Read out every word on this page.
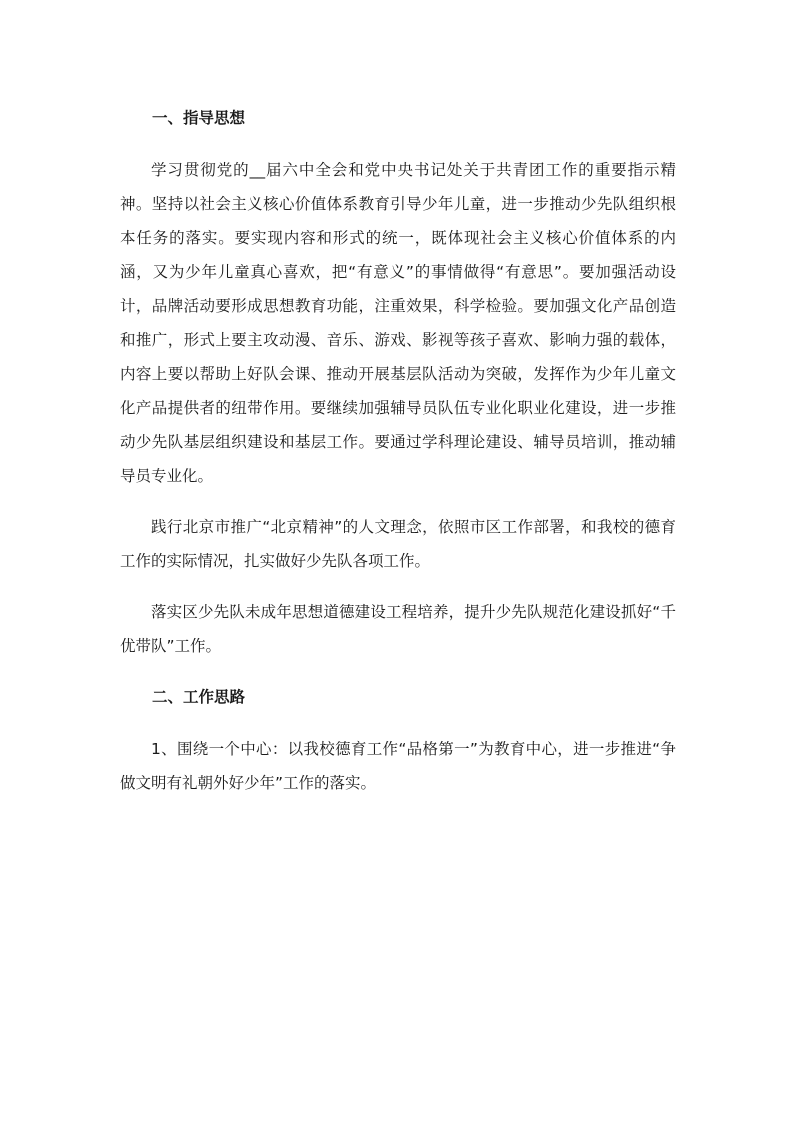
一、指导思想

学习贯彻党的__届六中全会和党中央书记处关于共青团工作的重要指示精神。坚持以社会主义核心价值体系教育引导少年儿童，进一步推动少先队组织根本任务的落实。要实现内容和形式的统一，既体现社会主义核心价值体系的内涵，又为少年儿童真心喜欢，把“有意义”的事情做得“有意思”。要加强活动设计，品牌活动要形成思想教育功能，注重效果，科学检验。要加强文化产品创造和推广，形式上要主攻动漫、音乐、游戏、影视等孩子喜欢、影响力强的载体，内容上要以帮助上好队会课、推动开展基层队活动为突破，发挥作为少年儿童文化产品提供者的纽带作用。要继续加强辅导员队伍专业化职业化建设，进一步推动少先队基层组织建设和基层工作。要通过学科理论建设、辅导员培训，推动辅导员专业化。

践行北京市推广“北京精神”的人文理念，依照市区工作部署，和我校的德育工作的实际情况，扎实做好少先队各项工作。

落实区少先队未成年思想道德建设工程培养，提升少先队规范化建设抓好“千优带队”工作。

二、工作思路

1、围绕一个中心：以我校德育工作“品格第一”为教育中心，进一步推进“争做文明有礼朝外好少年”工作的落实。
